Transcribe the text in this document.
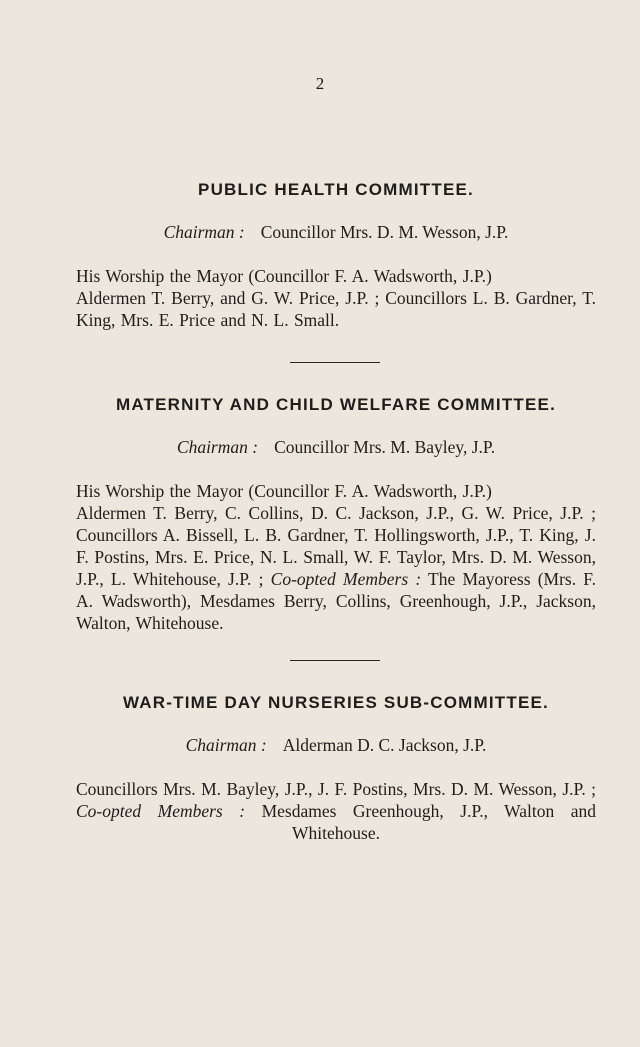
2

PUBLIC HEALTH COMMITTEE.

Chairman : Councillor Mrs. D. M. Wesson, J.P.

His Worship the Mayor (Councillor F. A. Wadsworth, J.P.)
Aldermen T. Berry, and G. W. Price, J.P. ; Councillors L. B. Gardner, T. King, Mrs. E. Price and N. L. Small.

MATERNITY AND CHILD WELFARE COMMITTEE.

Chairman : Councillor Mrs. M. Bayley, J.P.

His Worship the Mayor (Councillor F. A. Wadsworth, J.P.)
Aldermen T. Berry, C. Collins, D. C. Jackson, J.P., G. W. Price, J.P. ; Councillors A. Bissell, L. B. Gardner, T. Hollingsworth, J.P., T. King, J. F. Postins, Mrs. E. Price, N. L. Small, W. F. Taylor, Mrs. D. M. Wesson, J.P., L. Whitehouse, J.P. ; Co-opted Members : The Mayoress (Mrs. F. A. Wadsworth), Mesdames Berry, Collins, Greenhough, J.P., Jackson, Walton, Whitehouse.

WAR-TIME DAY NURSERIES SUB-COMMITTEE.

Chairman : Alderman D. C. Jackson, J.P.

Councillors Mrs. M. Bayley, J.P., J. F. Postins, Mrs. D. M. Wesson, J.P. ; Co-opted Members : Mesdames Greenhough, J.P., Walton and Whitehouse.
